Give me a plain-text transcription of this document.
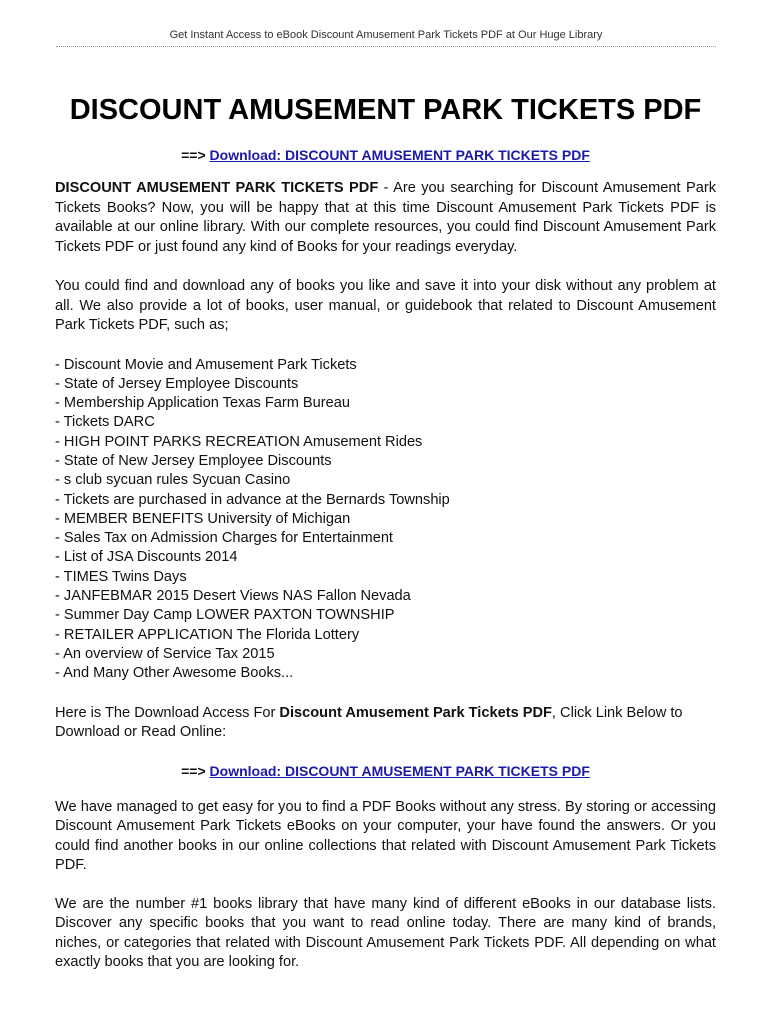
Get Instant Access to eBook Discount Amusement Park Tickets PDF at Our Huge Library
DISCOUNT AMUSEMENT PARK TICKETS PDF
==> Download: DISCOUNT AMUSEMENT PARK TICKETS PDF

DISCOUNT AMUSEMENT PARK TICKETS PDF - Are you searching for Discount Amusement Park Tickets Books? Now, you will be happy that at this time Discount Amusement Park Tickets PDF is available at our online library. With our complete resources, you could find Discount Amusement Park Tickets PDF or just found any kind of Books for your readings everyday.

You could find and download any of books you like and save it into your disk without any problem at all. We also provide a lot of books, user manual, or guidebook that related to Discount Amusement Park Tickets PDF, such as;

- Discount Movie and Amusement Park Tickets
- State of Jersey Employee Discounts
- Membership Application Texas Farm Bureau
- Tickets DARC
- HIGH POINT PARKS RECREATION Amusement Rides
- State of New Jersey Employee Discounts
- s club sycuan rules Sycuan Casino
- Tickets are purchased in advance at the Bernards Township
- MEMBER BENEFITS University of Michigan
- Sales Tax on Admission Charges for Entertainment
- List of JSA Discounts 2014
- TIMES Twins Days
- JANFEBMAR 2015 Desert Views NAS Fallon Nevada
- Summer Day Camp LOWER PAXTON TOWNSHIP
- RETAILER APPLICATION The Florida Lottery
- An overview of Service Tax 2015
- And Many Other Awesome Books...

Here is The Download Access For Discount Amusement Park Tickets PDF, Click Link Below to Download or Read Online:

==> Download: DISCOUNT AMUSEMENT PARK TICKETS PDF

We have managed to get easy for you to find a PDF Books without any stress. By storing or accessing Discount Amusement Park Tickets eBooks on your computer, your have found the answers. Or you could find another books in our online collections that related with Discount Amusement Park Tickets PDF.

We are the number #1 books library that have many kind of different eBooks in our database lists. Discover any specific books that you want to read online today. There are many kind of brands, niches, or categories that related with Discount Amusement Park Tickets PDF. All depending on what exactly books that you are looking for.
